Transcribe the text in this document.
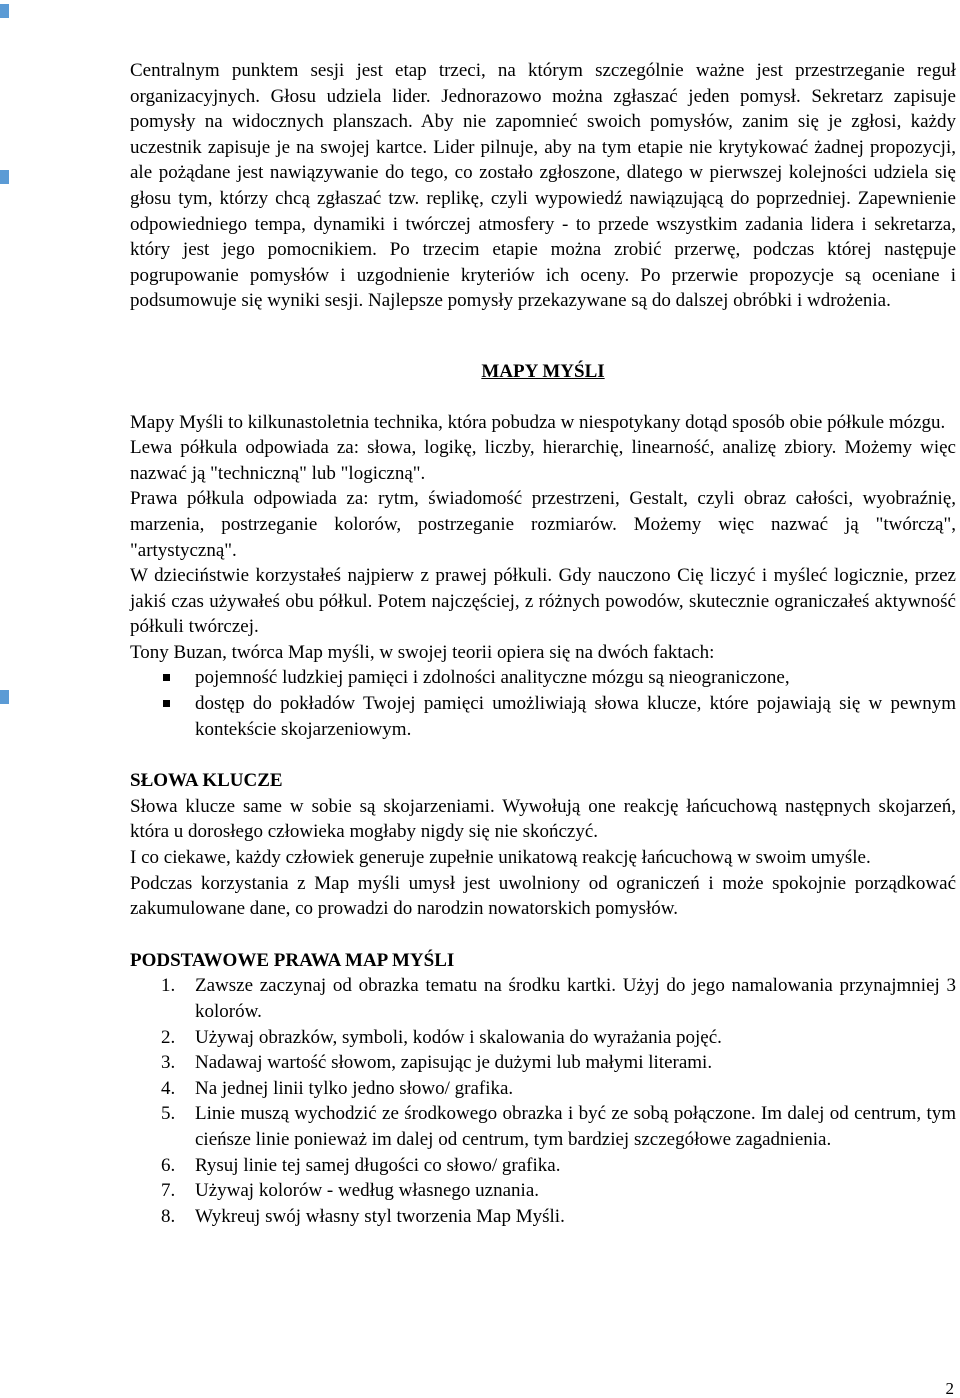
Centralnym punktem sesji jest etap trzeci, na którym szczególnie ważne jest przestrzeganie reguł organizacyjnych. Głosu udziela lider. Jednorazowo można zgłaszać jeden pomysł. Sekretarz zapisuje pomysły na widocznych planszach. Aby nie zapomnieć swoich pomysłów, zanim się je zgłosi, każdy uczestnik zapisuje je na swojej kartce. Lider pilnuje, aby na tym etapie nie krytykować żadnej propozycji, ale pożądane jest nawiązywanie do tego, co zostało zgłoszone, dlatego w pierwszej kolejności udziela się głosu tym, którzy chcą zgłaszać tzw. replikę, czyli wypowiedź nawiązującą do poprzedniej. Zapewnienie odpowiedniego tempa, dynamiki i twórczej atmosfery - to przede wszystkim zadania lidera i sekretarza, który jest jego pomocnikiem. Po trzecim etapie można zrobić przerwę, podczas której następuje pogrupowanie pomysłów i uzgodnienie kryteriów ich oceny. Po przerwie propozycje są oceniane i podsumowuje się wyniki sesji. Najlepsze pomysły przekazywane są do dalszej obróbki i wdrożenia.

MAPY MYŚLI

Mapy Myśli to kilkunastoletnia technika, która pobudza w niespotykany dotąd sposób obie półkule mózgu.

Lewa półkula odpowiada za: słowa, logikę, liczby, hierarchię, linearność, analizę zbiory. Możemy więc nazwać ją "techniczną" lub "logiczną".

Prawa półkula odpowiada za: rytm, świadomość przestrzeni, Gestalt, czyli obraz całości, wyobraźnię, marzenia, postrzeganie kolorów, postrzeganie rozmiarów. Możemy więc nazwać ją "twórczą", "artystyczną".

W dzieciństwie korzystałeś najpierw z prawej półkuli. Gdy nauczono Cię liczyć i myśleć logicznie, przez jakiś czas używałeś obu półkul. Potem najczęściej, z różnych powodów, skutecznie ograniczałeś aktywność półkuli twórczej.

Tony Buzan, twórca Map myśli, w swojej teorii opiera się na dwóch faktach:

pojemność ludzkiej pamięci i zdolności analityczne mózgu są nieograniczone,
dostęp do pokładów Twojej pamięci umożliwiają słowa klucze, które pojawiają się w pewnym kontekście skojarzeniowym.

SŁOWA KLUCZE

Słowa klucze same w sobie są skojarzeniami. Wywołują one reakcję łańcuchową następnych skojarzeń, która u dorosłego człowieka mogłaby nigdy się nie skończyć.

I co ciekawe, każdy człowiek generuje zupełnie unikatową reakcję łańcuchową w swoim umyśle.

Podczas korzystania z Map myśli umysł jest uwolniony od ograniczeń i może spokojnie porządkować zakumulowane dane, co prowadzi do narodzin nowatorskich pomysłów.

PODSTAWOWE PRAWA MAP MYŚLI

1. Zawsze zaczynaj od obrazka tematu na środku kartki. Użyj do jego namalowania przynajmniej 3 kolorów.
2. Używaj obrazków, symboli, kodów i skalowania do wyrażania pojęć.
3. Nadawaj wartość słowom, zapisując je dużymi lub małymi literami.
4. Na jednej linii tylko jedno słowo/ grafika.
5. Linie muszą wychodzić ze środkowego obrazka i być ze sobą połączone. Im dalej od centrum, tym cieńsze linie ponieważ im dalej od centrum, tym bardziej szczegółowe zagadnienia.
6. Rysuj linie tej samej długości co słowo/ grafika.
7. Używaj kolorów - według własnego uznania.
8. Wykreuj swój własny styl tworzenia Map Myśli.
2
